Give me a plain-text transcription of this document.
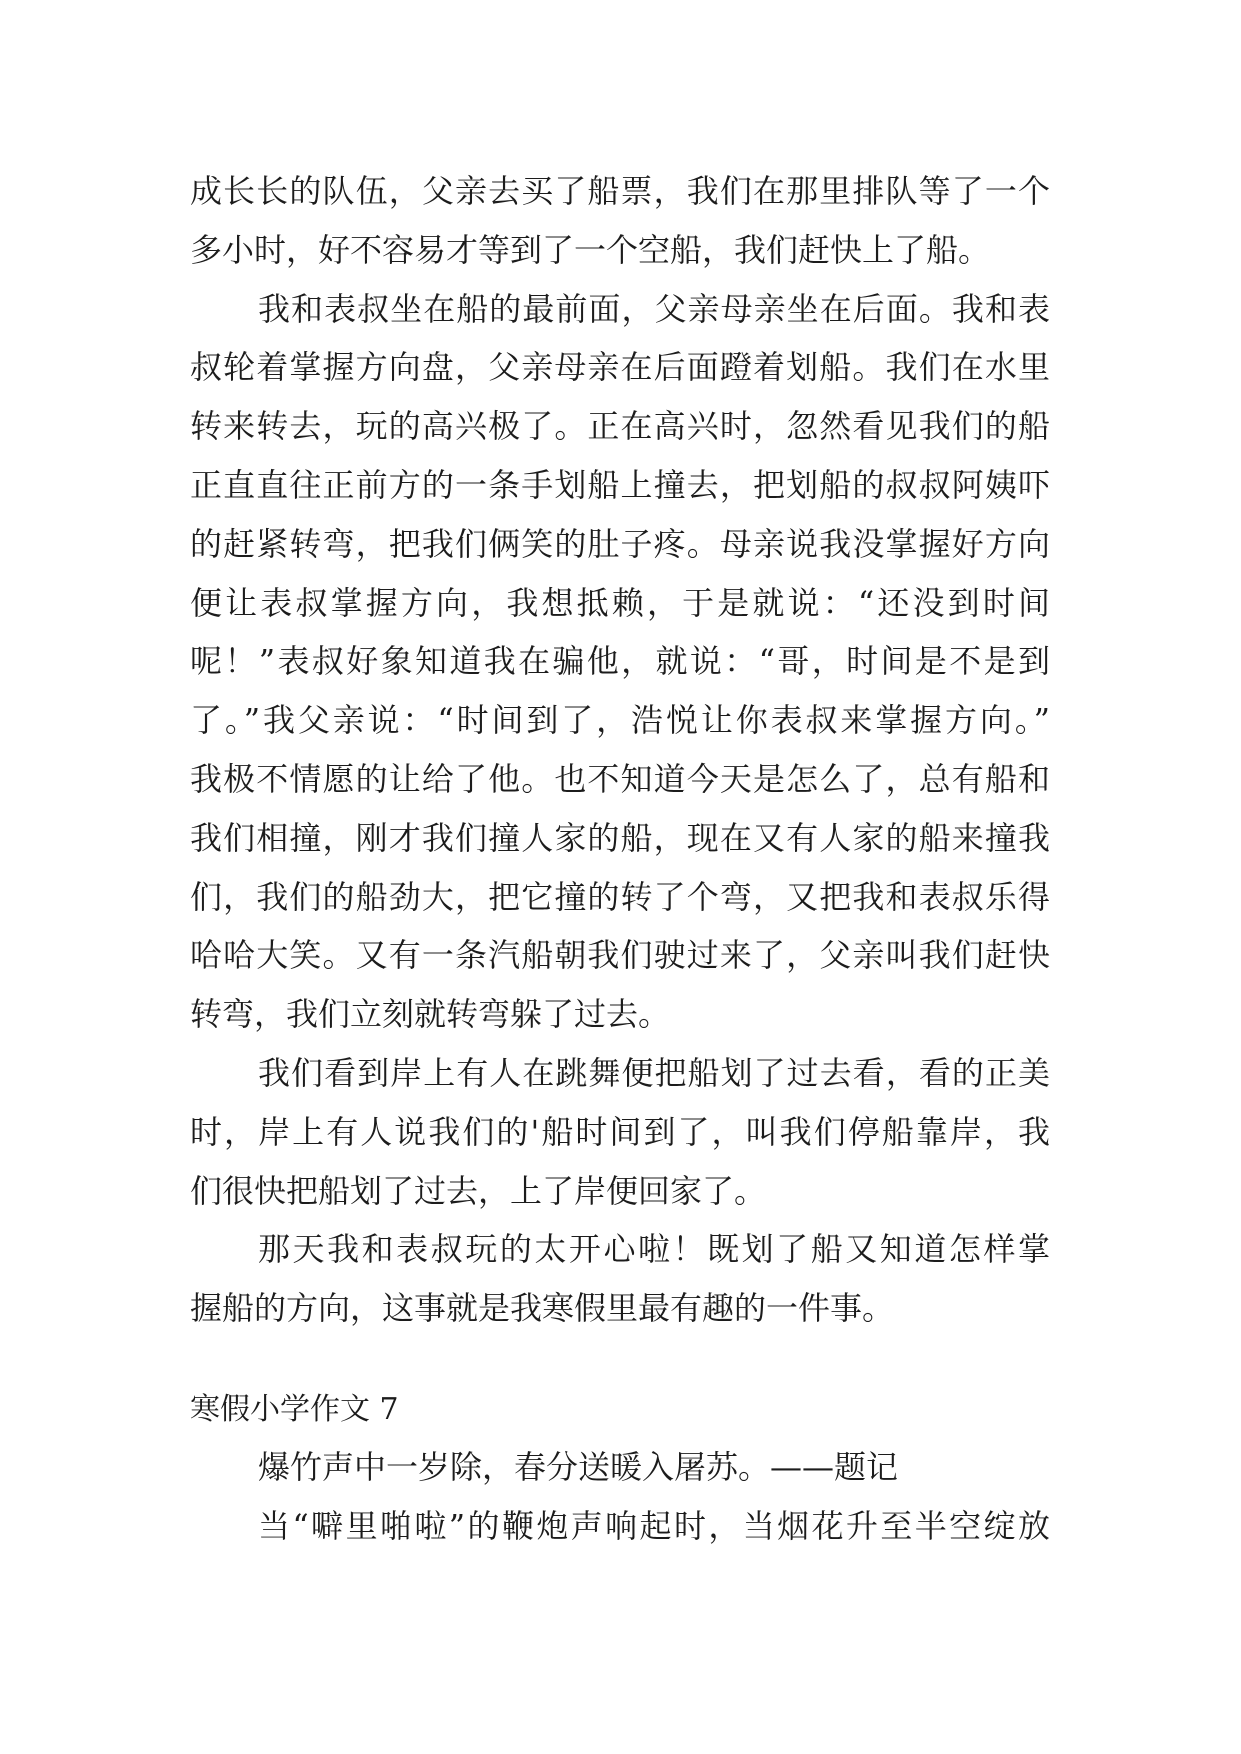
成长长的队伍，父亲去买了船票，我们在那里排队等了一个
多小时，好不容易才等到了一个空船，我们赶快上了船。
我和表叔坐在船的最前面，父亲母亲坐在后面。我和表
叔轮着掌握方向盘，父亲母亲在后面蹬着划船。我们在水里
转来转去，玩的高兴极了。正在高兴时，忽然看见我们的船
正直直往正前方的一条手划船上撞去，把划船的叔叔阿姨吓
的赶紧转弯，把我们俩笑的肚子疼。母亲说我没掌握好方向
便让表叔掌握方向，我想抵赖，于是就说：“还没到时间
呢！”表叔好象知道我在骗他，就说：“哥，时间是不是到
了。”我父亲说：“时间到了，浩悦让你表叔来掌握方向。”
我极不情愿的让给了他。也不知道今天是怎么了，总有船和
我们相撞，刚才我们撞人家的船，现在又有人家的船来撞我
们，我们的船劲大，把它撞的转了个弯，又把我和表叔乐得
哈哈大笑。又有一条汽船朝我们驶过来了，父亲叫我们赶快
转弯，我们立刻就转弯躲了过去。
我们看到岸上有人在跳舞便把船划了过去看，看的正美
时，岸上有人说我们的'船时间到了，叫我们停船靠岸，我
们很快把船划了过去，上了岸便回家了。
那天我和表叔玩的太开心啦！既划了船又知道怎样掌
握船的方向，这事就是我寒假里最有趣的一件事。
寒假小学作文 7
爆竹声中一岁除，春分送暖入屠苏。——题记
当“噼里啪啦”的鞭炮声响起时，当烟花升至半空绽放
